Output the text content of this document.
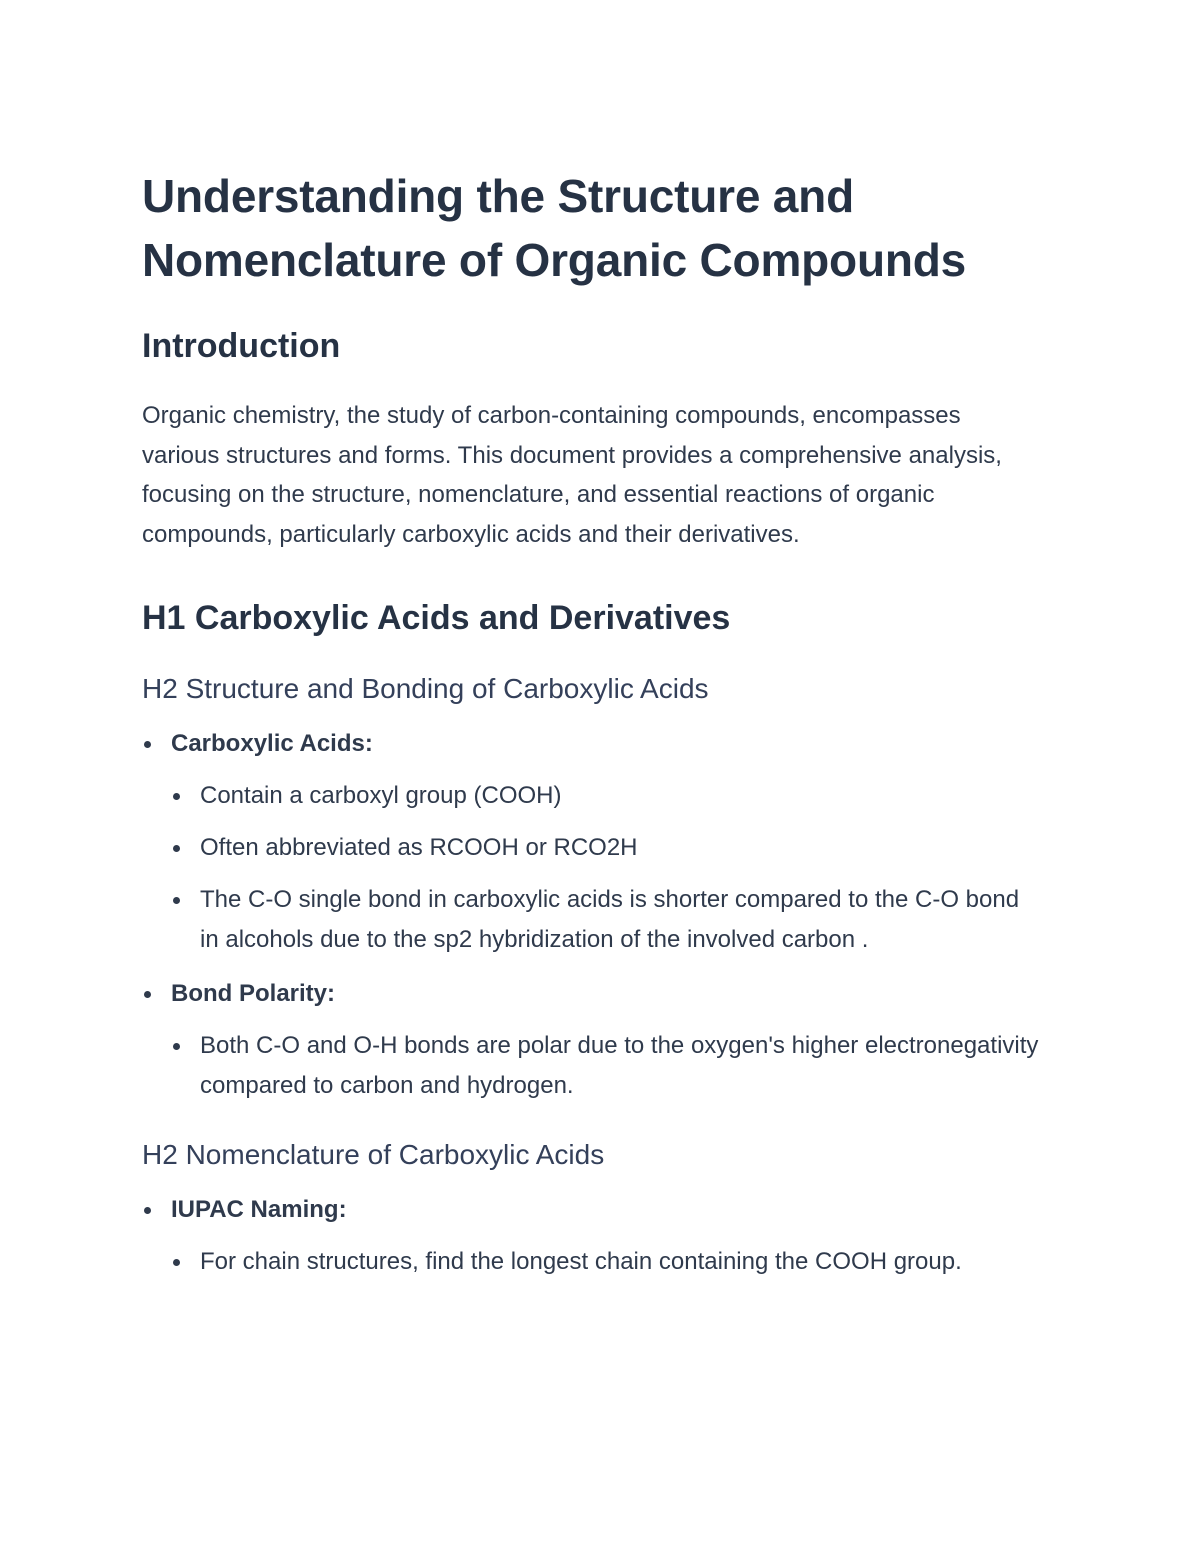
Understanding the Structure and Nomenclature of Organic Compounds
Introduction

Organic chemistry, the study of carbon-containing compounds, encompasses various structures and forms. This document provides a comprehensive analysis, focusing on the structure, nomenclature, and essential reactions of organic compounds, particularly carboxylic acids and their derivatives.

H1 Carboxylic Acids and Derivatives
H2 Structure and Bonding of Carboxylic Acids
Carboxylic Acids:
Contain a carboxyl group (COOH)
Often abbreviated as RCOOH or RCO2H
The C-O single bond in carboxylic acids is shorter compared to the C-O bond in alcohols due to the sp2 hybridization of the involved carbon .
Bond Polarity:
Both C-O and O-H bonds are polar due to the oxygen's higher electronegativity compared to carbon and hydrogen.
H2 Nomenclature of Carboxylic Acids
IUPAC Naming:
For chain structures, find the longest chain containing the COOH group.
